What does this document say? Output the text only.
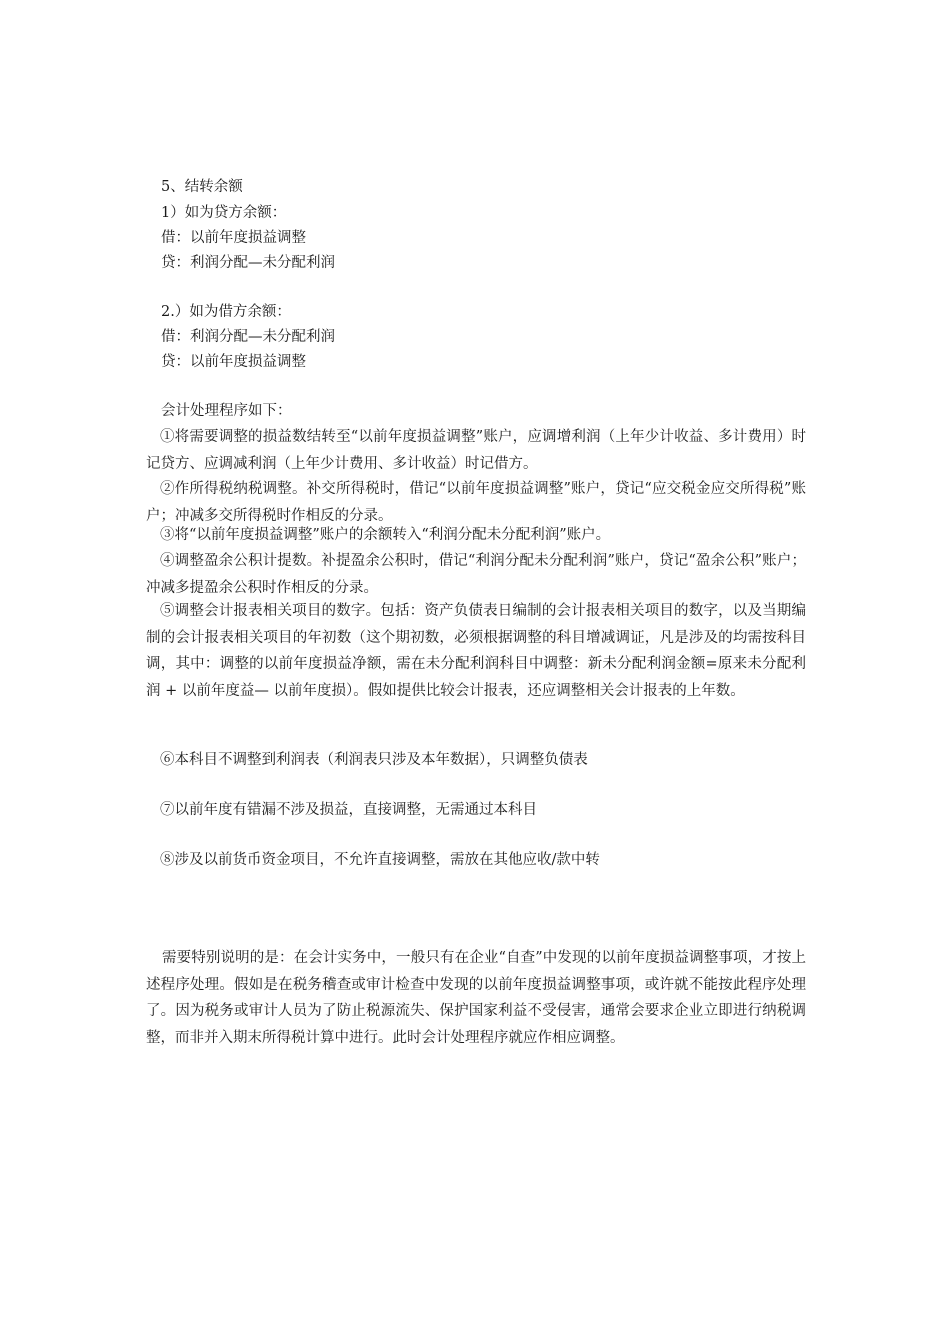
5、结转余额
1）如为贷方余额：
借：以前年度损益调整
贷：利润分配—未分配利润
2.）如为借方余额：
借：利润分配—未分配利润
贷：以前年度损益调整
会计处理程序如下：
①将需要调整的损益数结转至“以前年度损益调整”账户，应调增利润（上年少计收益、多计费用）时记贷方、应调减利润（上年少计费用、多计收益）时记借方。
②作所得税纳税调整。补交所得税时，借记“以前年度损益调整”账户，贷记“应交税金应交所得税”账户；冲减多交所得税时作相反的分录。
③将“以前年度损益调整”账户的余额转入“利润分配未分配利润”账户。
④调整盈余公积计提数。补提盈余公积时，借记“利润分配未分配利润”账户，贷记“盈余公积”账户；冲减多提盈余公积时作相反的分录。
⑤调整会计报表相关项目的数字。包括：资产负债表日编制的会计报表相关项目的数字，以及当期编制的会计报表相关项目的年初数（这个期初数，必须根据调整的科目增减调证，凡是涉及的均需按科目调，其中：调整的以前年度损益净额，需在未分配利润科目中调整：新未分配利润金额=原来未分配利润 + 以前年度益— 以前年度损）。假如提供比较会计报表，还应调整相关会计报表的上年数。
⑥本科目不调整到利润表（利润表只涉及本年数据），只调整负债表
⑦以前年度有错漏不涉及损益，直接调整，无需通过本科目
⑧涉及以前货币资金项目，不允许直接调整，需放在其他应收/款中转
需要特别说明的是：在会计实务中，一般只有在企业“自查”中发现的以前年度损益调整事项，才按上述程序处理。假如是在税务稽查或审计检查中发现的以前年度损益调整事项，或许就不能按此程序处理了。因为税务或审计人员为了防止税源流失、保护国家利益不受侵害，通常会要求企业立即进行纳税调整，而非并入期末所得税计算中进行。此时会计处理程序就应作相应调整。
